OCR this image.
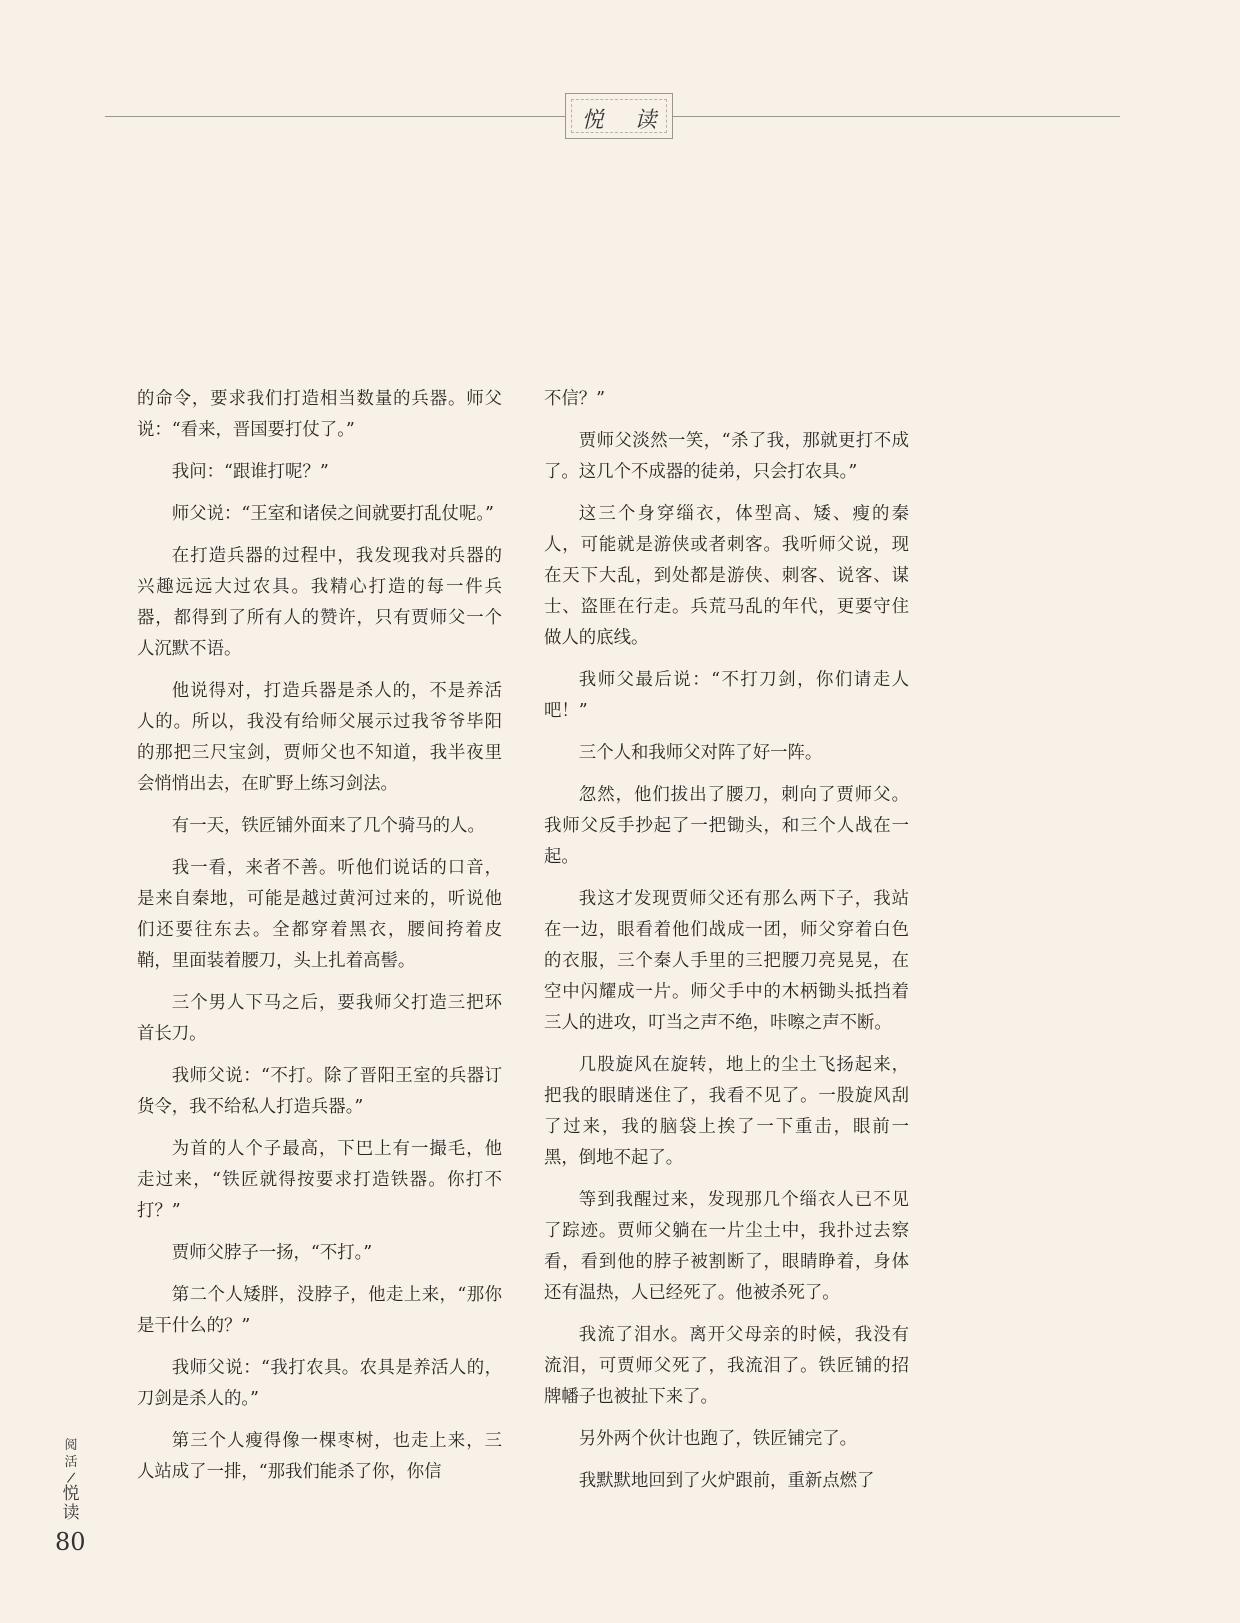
悦 读

的命令，要求我们打造相当数量的兵器。师父说：“看来，晋国要打仗了。”

我问：“跟谁打呢？”

师父说：“王室和诸侯之间就要打乱仗呢。”

在打造兵器的过程中，我发现我对兵器的兴趣远远大过农具。我精心打造的每一件兵器，都得到了所有人的赞许，只有贾师父一个人沉默不语。

他说得对，打造兵器是杀人的，不是养活人的。所以，我没有给师父展示过我爷爷毕阳的那把三尺宝剑，贾师父也不知道，我半夜里会悄悄出去，在旷野上练习剑法。

有一天，铁匠铺外面来了几个骑马的人。

我一看，来者不善。听他们说话的口音，是来自秦地，可能是越过黄河过来的，听说他们还要往东去。全都穿着黑衣，腰间挎着皮鞘，里面装着腰刀，头上扎着高髻。

三个男人下马之后，要我师父打造三把环首长刀。

我师父说：“不打。除了晋阳王室的兵器订货令，我不给私人打造兵器。”

为首的人个子最高，下巴上有一撮毛，他走过来，“铁匠就得按要求打造铁器。你打不打？”

贾师父脖子一扬，“不打。”

第二个人矮胖，没脖子，他走上来，“那你是干什么的？”

我师父说：“我打农具。农具是养活人的，刀剑是杀人的。”

第三个人瘦得像一棵枣树，也走上来，三人站成了一排，“那我们能杀了你，你信

不信？”

贾师父淡然一笑，“杀了我，那就更打不成了。这几个不成器的徒弟，只会打农具。”

这三个身穿缁衣，体型高、矮、瘦的秦人，可能就是游侠或者刺客。我听师父说，现在天下大乱，到处都是游侠、刺客、说客、谋士、盗匪在行走。兵荒马乱的年代，更要守住做人的底线。

我师父最后说：“不打刀剑，你们请走人吧！”

三个人和我师父对阵了好一阵。

忽然，他们拔出了腰刀，刺向了贾师父。我师父反手抄起了一把锄头，和三个人战在一起。

我这才发现贾师父还有那么两下子，我站在一边，眼看着他们战成一团，师父穿着白色的衣服，三个秦人手里的三把腰刀亮晃晃，在空中闪耀成一片。师父手中的木柄锄头抵挡着三人的进攻，叮当之声不绝，咔嚓之声不断。

几股旋风在旋转，地上的尘土飞扬起来，把我的眼睛迷住了，我看不见了。一股旋风刮了过来，我的脑袋上挨了一下重击，眼前一黑，倒地不起了。

等到我醒过来，发现那几个缁衣人已不见了踪迹。贾师父躺在一片尘土中，我扑过去察看，看到他的脖子被割断了，眼睛睁着，身体还有温热，人已经死了。他被杀死了。

我流了泪水。离开父母亲的时候，我没有流泪，可贾师父死了，我流泪了。铁匠铺的招牌幡子也被扯下来了。

另外两个伙计也跑了，铁匠铺完了。

我默默地回到了火炉跟前，重新点燃了

阅活
/
悦读
80
